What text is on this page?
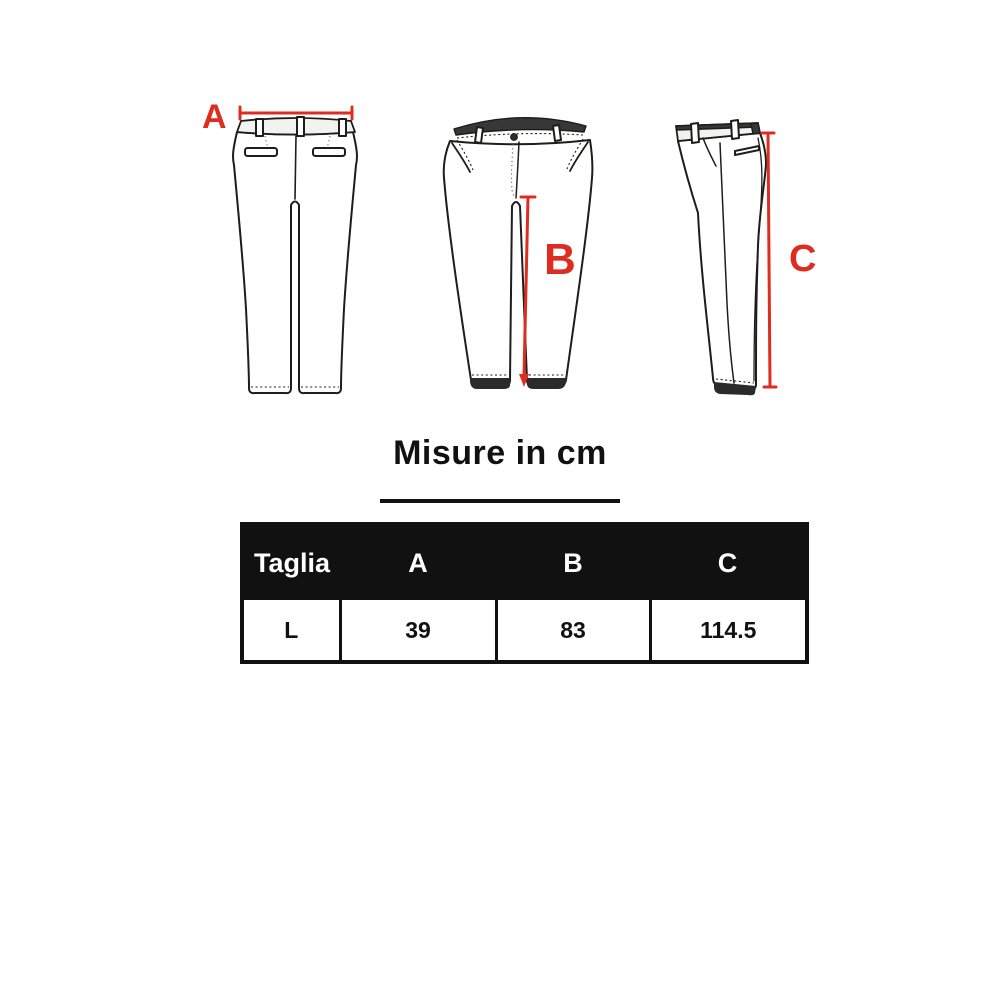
A
B	C
Misure in cm
Taglia	A	B	C
L	39	83	114.5
